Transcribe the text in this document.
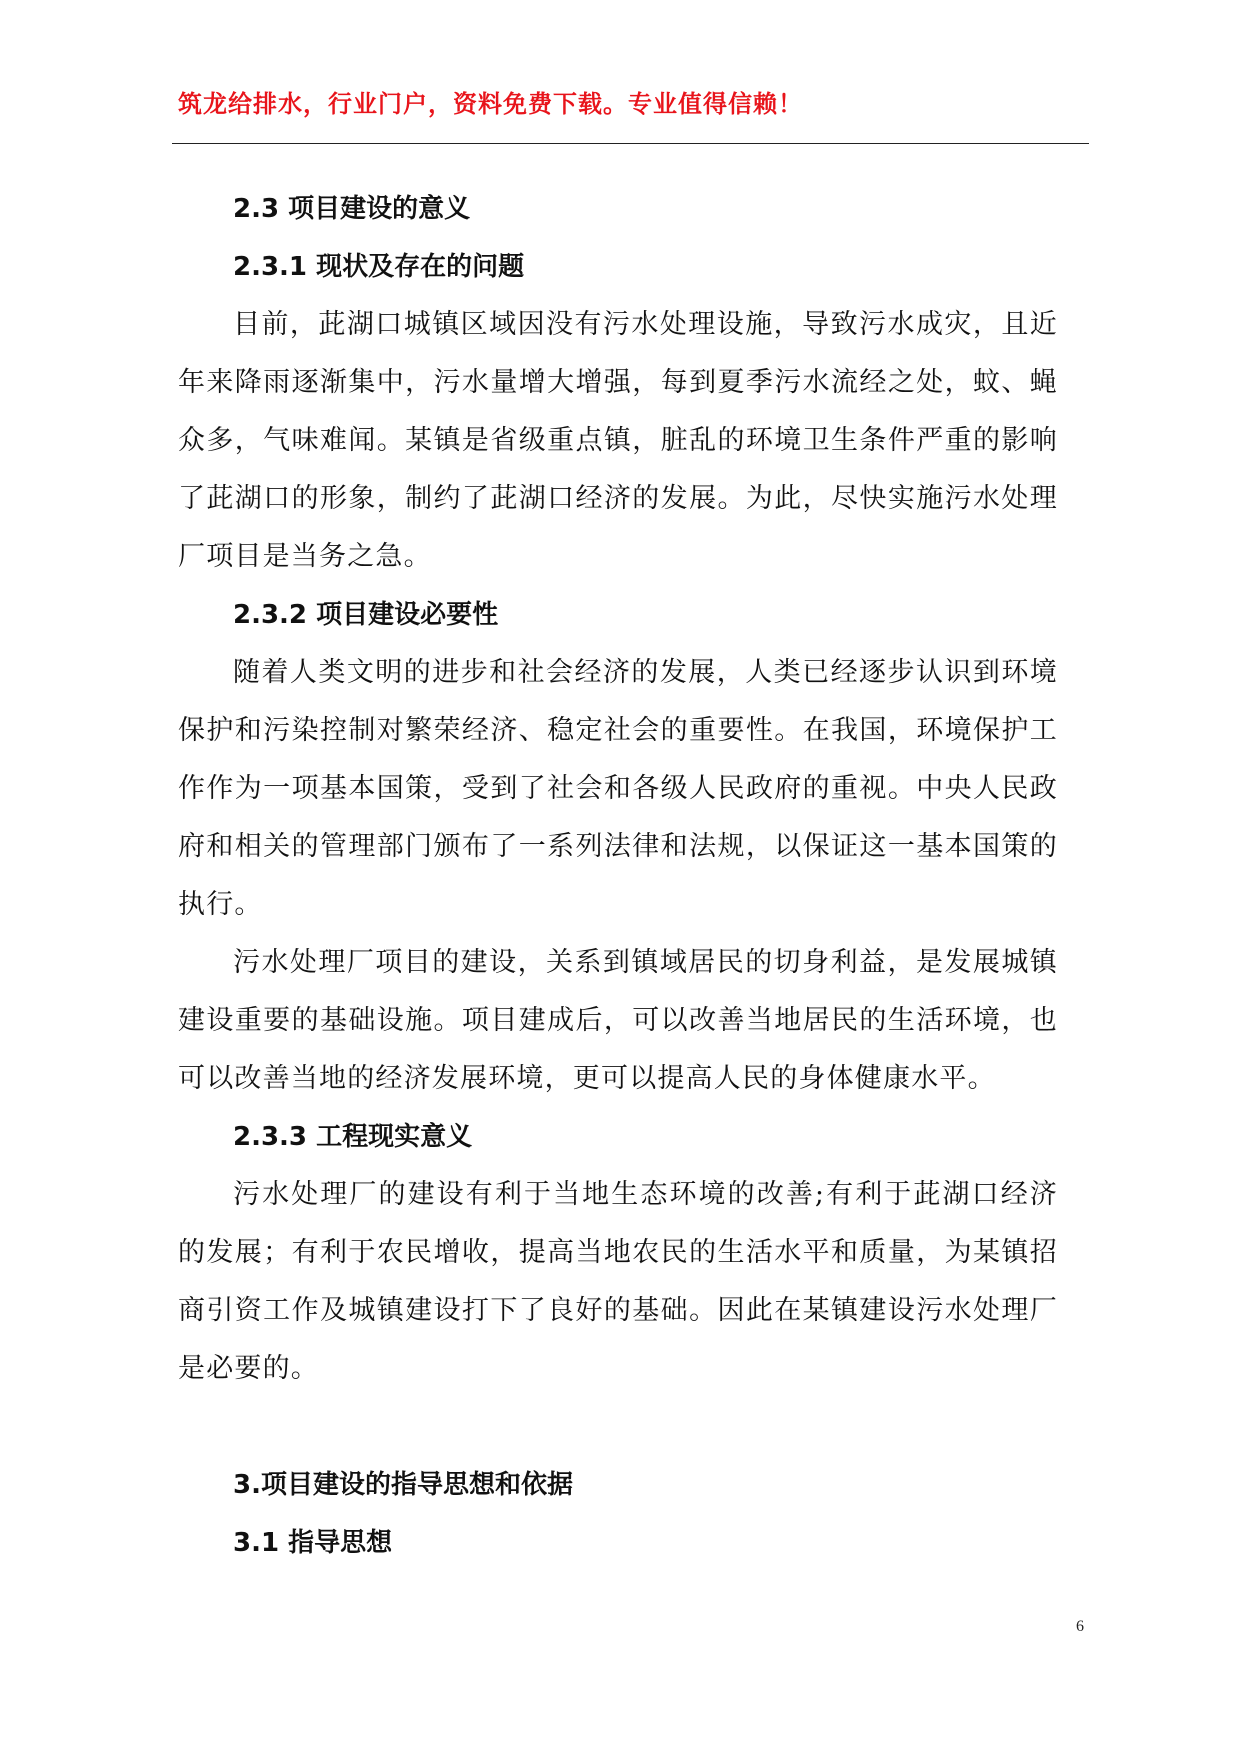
筑龙给排水，行业门户，资料免费下载。专业值得信赖！
2.3 项目建设的意义
2.3.1 现状及存在的问题

目前，茈湖口城镇区域因没有污水处理设施，导致污水成灾，且近年来降雨逐渐集中，污水量增大增强，每到夏季污水流经之处，蚊、蝇众多，气味难闻。某镇是省级重点镇，脏乱的环境卫生条件严重的影响了茈湖口的形象，制约了茈湖口经济的发展。为此，尽快实施污水处理厂项目是当务之急。

2.3.2 项目建设必要性

随着人类文明的进步和社会经济的发展，人类已经逐步认识到环境保护和污染控制对繁荣经济、稳定社会的重要性。在我国，环境保护工作作为一项基本国策，受到了社会和各级人民政府的重视。中央人民政府和相关的管理部门颁布了一系列法律和法规，以保证这一基本国策的执行。

污水处理厂项目的建设，关系到镇域居民的切身利益，是发展城镇建设重要的基础设施。项目建成后，可以改善当地居民的生活环境，也可以改善当地的经济发展环境，更可以提高人民的身体健康水平。

2.3.3 工程现实意义

污水处理厂的建设有利于当地生态环境的改善;有利于茈湖口经济的发展；有利于农民增收，提高当地农民的生活水平和质量，为某镇招商引资工作及城镇建设打下了良好的基础。因此在某镇建设污水处理厂是必要的。

3.项目建设的指导思想和依据
3.1 指导思想
6
